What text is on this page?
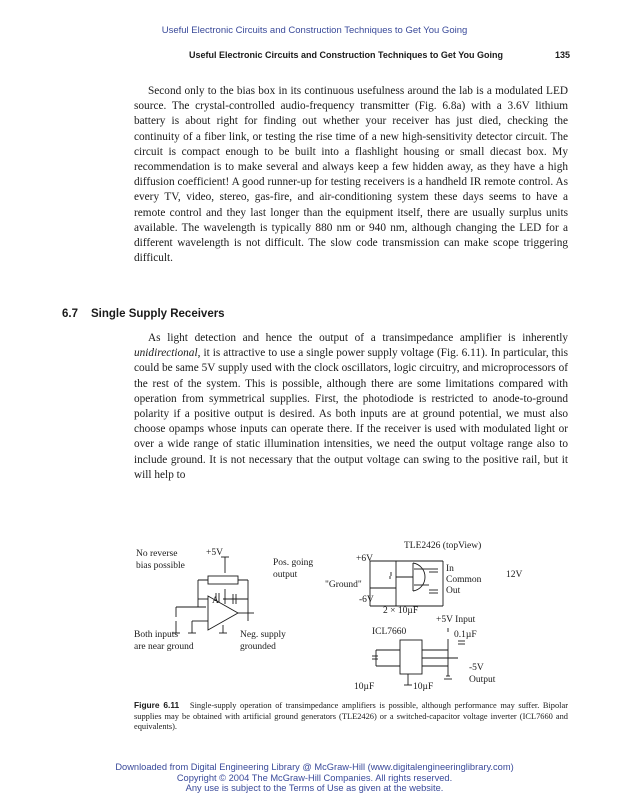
Useful Electronic Circuits and Construction Techniques to Get You Going
Useful Electronic Circuits and Construction Techniques to Get You Going	135

Second only to the bias box in its continuous usefulness around the lab is a modulated LED source. The crystal-controlled audio-frequency transmitter (Fig. 6.8a) with a 3.6V lithium battery is about right for finding out whether your receiver has just died, checking the continuity of a fiber link, or testing the rise time of a new high-sensitivity detector circuit. The circuit is compact enough to be built into a flashlight housing or small diecast box. My recommendation is to make several and always keep a few hidden away, as they have a high diffusion coefficient! A good runner-up for testing receivers is a handheld IR remote control. As every TV, video, stereo, gas-fire, and air-conditioning system these days seems to have a remote control and they last longer than the equipment itself, there are usually surplus units available. The wavelength is typically 880 nm or 940 nm, although changing the LED for a different wavelength is not difficult. The slow code transmission can make scope triggering difficult.

6.7 Single Supply Receivers

As light detection and hence the output of a transimpedance amplifier is inherently unidirectional, it is attractive to use a single power supply voltage (Fig. 6.11). In particular, this could be same 5V supply used with the clock oscillators, logic circuitry, and microprocessors of the rest of the system. This is possible, although there are some limitations compared with operation from symmetrical supplies. First, the photodiode is restricted to anode-to-ground polarity if a positive output is desired. As both inputs are at ground potential, we must also choose opamps whose inputs can operate there. If the receiver is used with modulated light or over a wide range of static illumination intensities, we need the output voltage range also to include ground. It is not necessary that the output voltage can swing to the positive rail, but it will help to

No reverse
bias possible
+5V
Pos. going
output
A
Both inputs
are near ground
Neg. supply
grounded
TLE2426 (topView)
+6V
"Ground"
-6V
In
Common
Out
12V
2 × 10µF
+5V Input
ICL7660	0.1µF
-5V
Output
10µF	10µF
Figure 6.11 Single-supply operation of transimpedance amplifiers is possible, although performance may suffer. Bipolar supplies may be obtained with artificial ground generators (TLE2426) or a switched-capacitor voltage inverter (ICL7660 and equivalents).
Downloaded from Digital Engineering Library @ McGraw-Hill (www.digitalengineeringlibrary.com)
Copyright © 2004 The McGraw-Hill Companies. All rights reserved.
Any use is subject to the Terms of Use as given at the website.
